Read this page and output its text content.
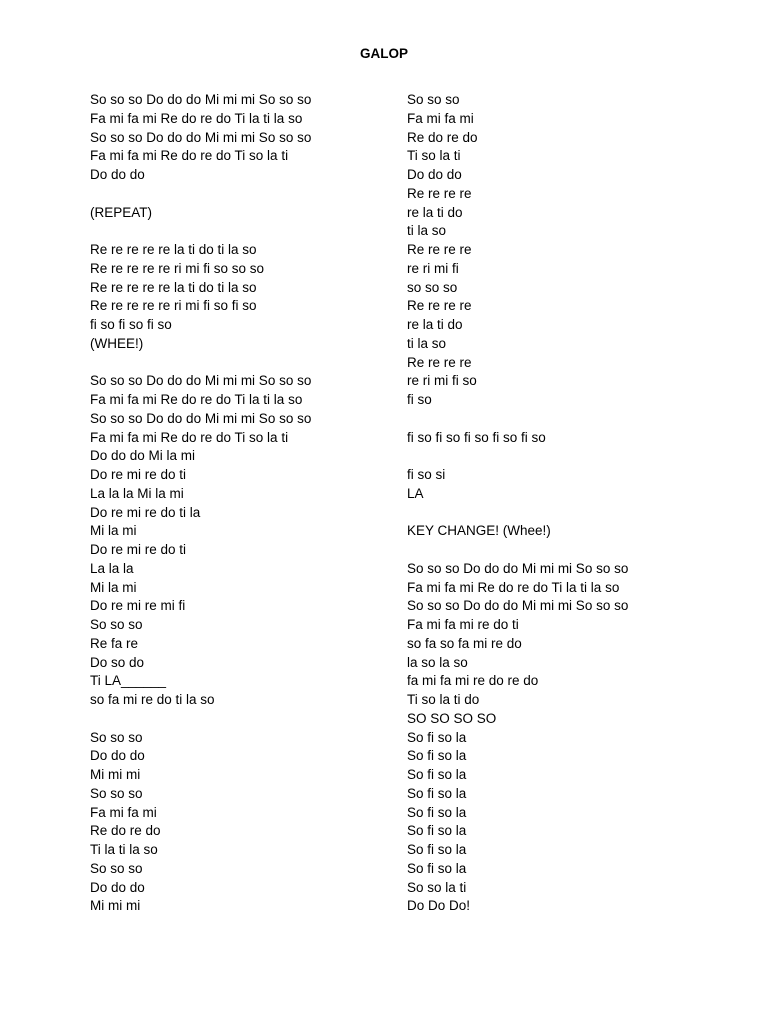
GALOP
So so so Do do do Mi mi mi So so so
Fa mi fa mi Re do re do Ti la ti la so
So so so Do do do Mi mi mi So so so
Fa mi fa mi Re do re do Ti so la ti
Do do do
(REPEAT)
Re re re re re la ti do ti la so
Re re re re re ri mi fi so so so
Re re re re re la ti do ti la so
Re re re re re ri mi fi so fi so
fi so fi so fi so
(WHEE!)
So so so Do do do Mi mi mi So so so
Fa mi fa mi Re do re do Ti la ti la so
So so so Do do do Mi mi mi So so so
Fa mi fa mi Re do re do Ti so la ti
Do do do Mi la mi
Do re mi re do ti
La la la Mi la mi
Do re mi re do ti la
Mi la mi
Do re mi re do ti
La la la
Mi la mi
Do re mi re mi fi
So so so
Re fa re
Do so do
Ti LA______
so fa mi re do ti la so
So so so
Do do do
Mi mi mi
So so so
Fa mi fa mi
Re do re do
Ti la ti la so
So so so
Do do do
Mi mi mi
So so so
Fa mi fa mi
Re do re do
Ti so la ti
Do do do
Re re re re
re la ti do
ti la so
Re re re re
re ri mi fi
so so so
Re re re re
re la ti do
ti la so
Re re re re
re ri mi fi so
fi so
fi so fi so fi so fi so fi so
fi so si
LA
KEY CHANGE! (Whee!)
So so so Do do do Mi mi mi So so so
Fa mi fa mi Re do re do Ti la ti la so
So so so Do do do Mi mi mi So so so
Fa mi fa mi re do ti
so fa so fa mi re do
la so la so
fa mi fa mi re do re do
Ti so la ti do
SO SO SO SO
So fi so la
So fi so la
So fi so la
So fi so la
So fi so la
So fi so la
So fi so la
So fi so la
So so la ti
Do Do Do!
